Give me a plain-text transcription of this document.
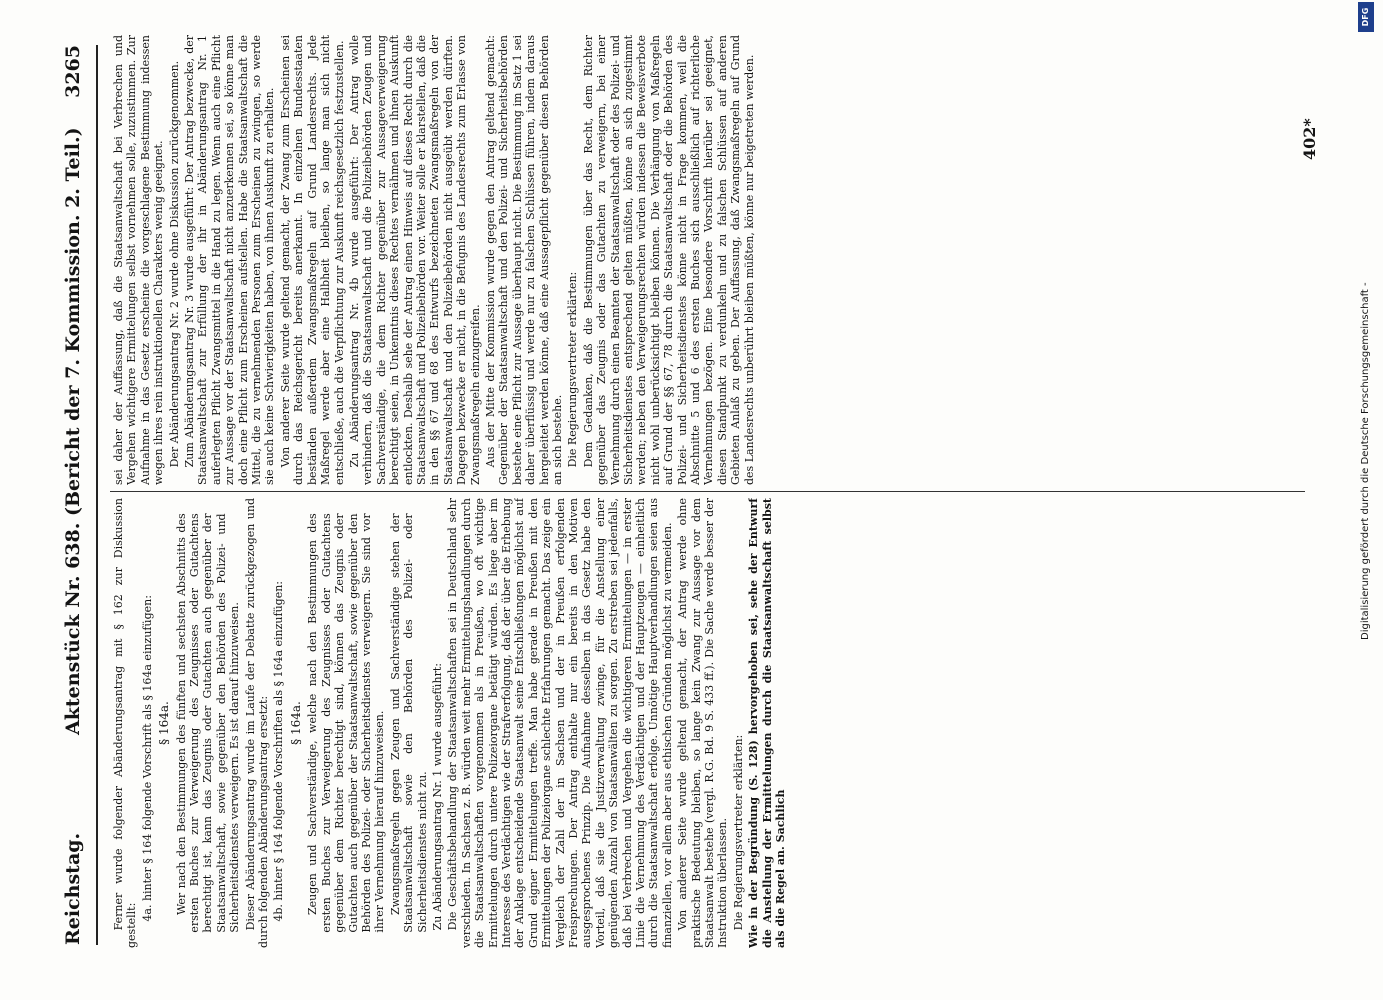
Reichstag.
Aktenstück Nr. 638. (Bericht der 7. Kommission. 2. Teil.)
3265

Ferner wurde folgender Abänderungsantrag mit § 162 zur Diskussion gestellt:

4a. hinter § 164 folgende Vorschrift als § 164a einzufügen: § 164a. Wer nach den Bestimmungen des fünften und sechsten Abschnitts des ersten Buches zur Verweigerung des Zeugnisses oder Gutachtens berechtigt ist, kann das Zeugnis oder Gutachten auch gegenüber der Staatsanwaltschaft, sowie gegenüber den Behörden des Polizei- und Sicherheitsdienstes verweigern. Es ist darauf hinzuweisen. Dieser Abänderungsantrag wurde im Laufe der Debatte zurückgezogen und durch folgenden Abänderungsantrag ersetzt: 4b. hinter § 164 folgende Vorschriften als § 164a einzufügen: § 164a. Zeugen und Sachverständige, welche nach den Bestimmungen des ersten Buches zur Verweigerung des Zeugnisses oder Gutachtens gegenüber dem Richter berechtigt sind, können das Zeugnis oder Gutachten auch gegenüber der Staatsanwaltschaft, sowie gegenüber den Behörden des Polizei- oder Sicherheitsdienstes verweigern. Sie sind vor ihrer Vernehmung hierauf hinzuweisen. Zwangsmaßregeln gegen Zeugen und Sachverständige stehen der Staatsanwaltschaft sowie den Behörden des Polizei- oder Sicherheitsdienstes nicht zu. Zu Abänderungsantrag Nr. 1 wurde ausgeführt: Die Geschäftsbehandlung der Staatsanwaltschaften sei in Deutschland sehr verschieden. In Sachsen z. B. würden weit mehr Ermittelungshandlungen durch die Staatsanwaltschaften vorgenommen als in Preußen, wo oft wichtige Ermittelungen durch untere Polizeiorgane betätigt würden. Es liege aber im Interesse des Verdächtigen wie der Strafverfolgung, daß der über die Erhebung der Anklage entscheidende Staatsanwalt seine Entschließungen möglichst auf Grund eigner Ermittelungen treffe. Man habe gerade in Preußen mit den Ermittelungen der Polizeiorgane schlechte Erfahrungen gemacht. Das zeige ein Vergleich der Zahl der in Sachsen und der in Preußen erfolgenden Freisprechungen. Der Antrag enthalte nur ein bereits in den Motiven ausgesprochenes Prinzip. Die Aufnahme desselben in das Gesetz habe den Vorteil, daß sie die Justizverwaltung zwinge, für die Anstellung einer genügenden Anzahl von Staatsanwälten zu sorgen. Zu erstreben sei jedenfalls, daß bei Verbrechen und Vergehen die wichtigeren Ermittelungen — in erster Linie die Vernehmung des Verdächtigen und der Hauptzeugen — einheitlich durch die Staatsanwaltschaft erfolge. Unnötige Hauptverhandlungen seien aus finanziellen, vor allem aber aus ethischen Gründen möglichst zu vermeiden. Von anderer Seite wurde geltend gemacht, der Antrag werde ohne praktische Bedeutung bleiben, so lange kein Zwang zur Aussage vor dem Staatsanwalt bestehe (vergl. R.G. Bd. 9 S. 433 ff.). Die Sache werde besser der Instruktion überlassen. Die Regierungsvertreter erklärten: Wie in der Begründung (S. 128) hervorgehoben sei, sehe der Entwurf die Anstellung der Ermittelungen durch die Staatsanwaltschaft selbst als die Regel an. Sachlich

sei daher der Auffassung, daß die Staatsanwaltschaft bei Verbrechen und Vergehen wichtigere Ermittelungen selbst vornehmen solle, zuzustimmen. Zur Aufnahme in das Gesetz erscheine die vorgeschlagene Bestimmung indessen wegen ihres rein instruktionellen Charakters wenig geeignet. Der Abänderungsantrag Nr. 2 wurde ohne Diskussion zurückgenommen. Zum Abänderungsantrag Nr. 3 wurde ausgeführt: Der Antrag bezwecke, der Staatsanwaltschaft zur Erfüllung der ihr in Abänderungsantrag Nr. 1 auferlegten Pflicht Zwangsmittel in die Hand zu legen. Wenn auch eine Pflicht zur Aussage vor der Staatsanwaltschaft nicht anzuerkennen sei, so könne man doch eine Pflicht zum Erscheinen aufstellen. Habe die Staatsanwaltschaft die Mittel, die zu vernehmenden Personen zum Erscheinen zu zwingen, so werde sie auch keine Schwierigkeiten haben, von ihnen Auskunft zu erhalten. Von anderer Seite wurde geltend gemacht, der Zwang zum Erscheinen sei durch das Reichsgericht bereits anerkannt. In einzelnen Bundesstaaten beständen außerdem Zwangsmaßregeln auf Grund Landesrechts. Jede Maßregel werde aber eine Halbheit bleiben, so lange man sich nicht entschließe, auch die Verpflichtung zur Auskunft reichsgesetzlich festzustellen. Zu Abänderungsantrag Nr. 4b wurde ausgeführt: Der Antrag wolle verhindern, daß die Staatsanwaltschaft und die Polizeibehörden Zeugen und Sachverständige, die dem Richter gegenüber zur Aussageverweigerung berechtigt seien, in Unkenntnis dieses Rechtes vernähmen und ihnen Auskunft entlockten. Deshalb sehe der Antrag einen Hinweis auf dieses Recht durch die Staatsanwaltschaft und Polizeibehörden vor. Weiter solle er klarstellen, daß die in den §§ 67 und 68 des Entwurfs bezeichneten Zwangsmaßregeln von der Staatsanwaltschaft und den Polizeibehörden nicht ausgeübt werden dürften. Dagegen bezwecke er nicht, in die Befugnis des Landesrechts zum Erlasse von Zwangsmaßregeln einzugreifen. Aus der Mitte der Kommission wurde gegen den Antrag geltend gemacht: Gegenüber der Staatsanwaltschaft und den Polizei- und Sicherheitsbehörden bestehe eine Pflicht zur Aussage überhaupt nicht. Die Bestimmung im Satz 1 sei daher überflüssig und werde nur zu falschen Schlüssen führen, indem daraus hergeleitet werden könne, daß eine Aussagepflicht gegenüber diesen Behörden an sich bestehe. Die Regierungsvertreter erklärten: Dem Gedanken, daß die Bestimmungen über das Recht, dem Richter gegenüber das Zeugnis oder das Gutachten zu verweigern, bei einer Vernehmung durch einen Beamten der Staatsanwaltschaft oder des Polizei- und Sicherheitsdienstes entsprechend gelten müßten, könne an sich zugestimmt werden; neben den Verweigerungsrechten würden indessen die Beweisverbote nicht wohl unberücksichtigt bleiben können. Die Verhängung von Maßregeln auf Grund der §§ 67, 78 durch die Staatsanwaltschaft oder die Behörden des Polizei- und Sicherheitsdienstes könne nicht in Frage kommen, weil die Abschnitte 5 und 6 des ersten Buches sich ausschließlich auf richterliche Vernehmungen bezögen. Eine besondere Vorschrift hierüber sei geeignet, diesen Standpunkt zu verdunkeln und zu falschen Schlüssen auf anderen Gebieten Anlaß zu geben. Der Auffassung, daß Zwangsmaßregeln auf Grund des Landesrechts unberührt bleiben müßten, könne nur beigetreten werden.	402*
Digitalisierung gefördert durch die Deutsche Forschungsgemeinschaft -
DFG
